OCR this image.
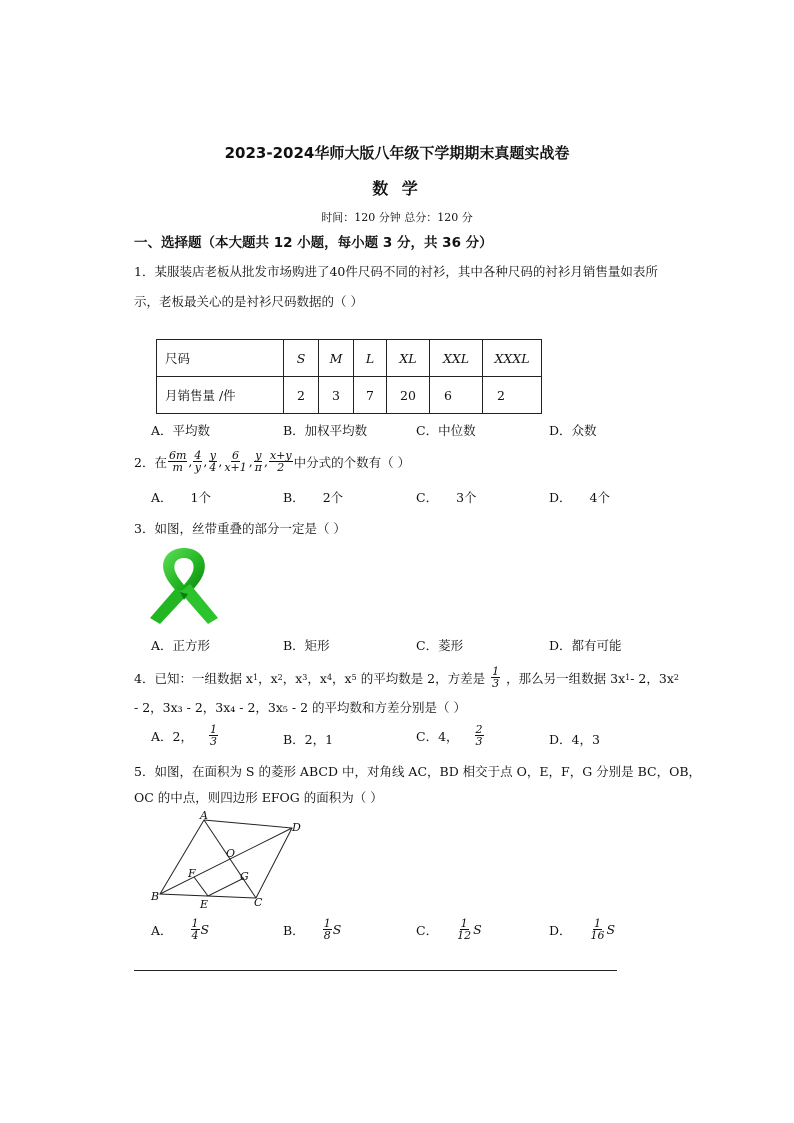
2023-2024华师大版八年级下学期期末真题实战卷
数 学
时间：120 分钟 总分：120 分
一、选择题（本大题共 12 小题，每小题 3 分，共 36 分）
1．某服装店老板从批发市场购进了40件尺码不同的衬衫，其中各种尺码的衬衫月销售量如表所
示，老板最关心的是衬衫尺码数据的（ ）
尺码	S	M	L	XL	XXL	XXXL
月销售量 /件	2	3	7	20	6	2
A．平均数	B．加权平均数	C．中位数	D．众数
2．在 $\frac{6m}{m}$ , $\frac{4}{y}$ , $\frac{y}{4}$ , $\frac{6}{x+1}$ , $\frac{y}{\pi}$ , $\frac{x+y}{2}$ 中分式的个数有（ ）
A． 1个	B． 2个	C． 3个	D． 4个
3．如图，丝带重叠的部分一定是（ ）
A．正方形	B．矩形	C．菱形	D．都有可能
4．已知：一组数据 x 1 ，x 2 ，x 3 ，x 4 ，x 5 的平均数是 2，方差是 $\frac{1}{3}$ ，那么另一组数据 3x 1 - 2，3x 2
- 2，3x₃ - 2，3x₄ - 2，3x₅ - 2 的平均数和方差分别是（ ）
A．2， $\frac{1}{3}$	B．2，1	C．4， $\frac{2}{3}$	D．4，3
5．如图，在面积为 S 的菱形 ABCD 中，对角线 AC，BD 相交于点 O，E，F，G 分别是 BC，OB，
OC 的中点，则四边形 EFOG 的面积为（ ）
A
D
O
F	G
B
E	C
A． $\frac{1}{4}$ S	B． $\frac{1}{8}$ S	C． $\frac{1}{12}$ S	D． $\frac{1}{16}$ S
